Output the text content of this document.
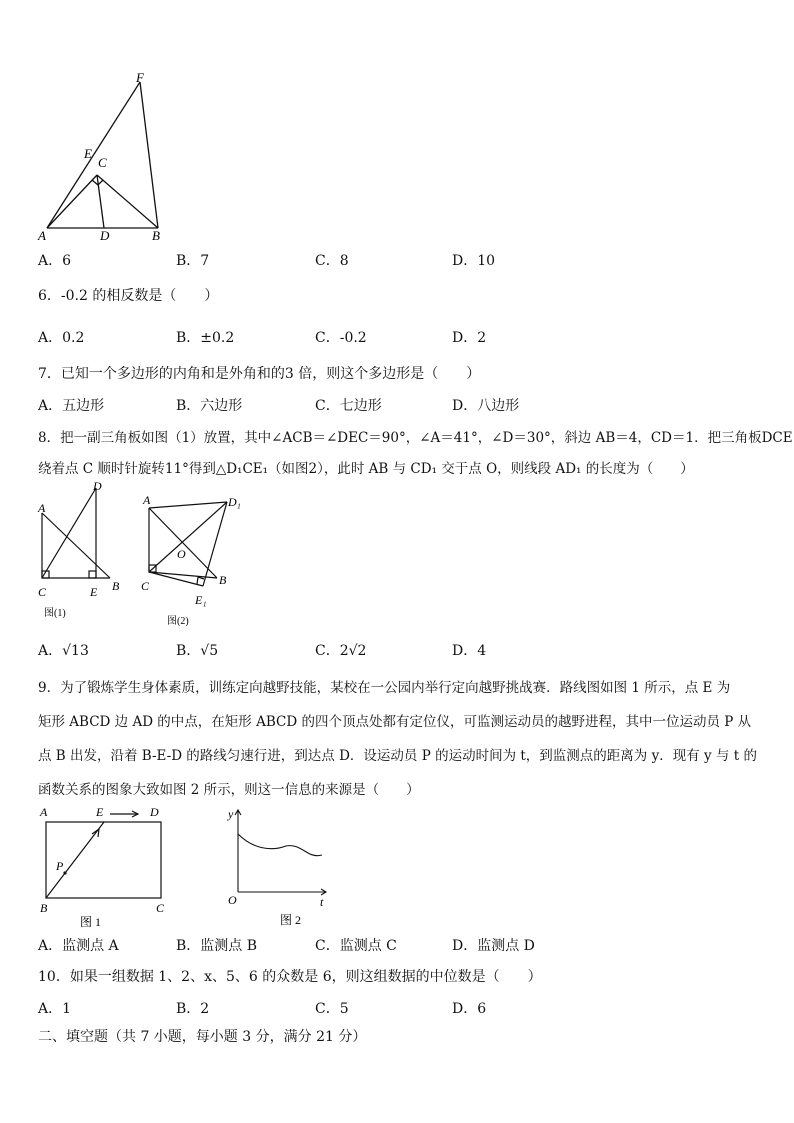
F
E
C
A	D	B
A．6	B．7	C．8	D．10
6．-0.2 的相反数是（　　）
A．0.2	B．±0.2	C．-0.2	D．2
7．已知一个多边形的内角和是外角和的3 倍，则这个多边形是（　　）
A．五边形	B．六边形	C．七边形	D．八边形
8．把一副三角板如图（1）放置，其中∠ACB＝∠DEC＝90°，∠A＝41°，∠D＝30°，斜边 AB＝4，CD＝1．把三角板DCE
绕着点 C 顺时针旋转11°得到△D₁CE₁（如图2），此时 AB 与 CD₁ 交于点 O，则线段 AD₁ 的长度为（　　）
A
D
C	E B
图(1)
A	D₁
O
C	B
E₁
图(2)
A．√13	B．√5	C．2√2	D．4
9．为了锻炼学生身体素质，训练定向越野技能，某校在一公园内举行定向越野挑战赛．路线图如图 1 所示，点 E 为
矩形 ABCD 边 AD 的中点，在矩形 ABCD 的四个顶点处都有定位仪，可监测运动员的越野进程，其中一位运动员 P 从
点 B 出发，沿着 B-E-D 的路线匀速行进，到达点 D．设运动员 P 的运动时间为 t，到监测点的距离为 y．现有 y 与 t 的
函数关系的图象大致如图 2 所示，则这一信息的来源是（　　）
A	E	D
P
B	C
图 1
y
O	t
图 2
A．监测点 A	B．监测点 B	C．监测点 C	D．监测点 D
10．如果一组数据 1、2、x、5、6 的众数是 6，则这组数据的中位数是（　　）
A．1	B．2	C．5	D．6
二、填空题（共 7 小题，每小题 3 分，满分 21 分）
